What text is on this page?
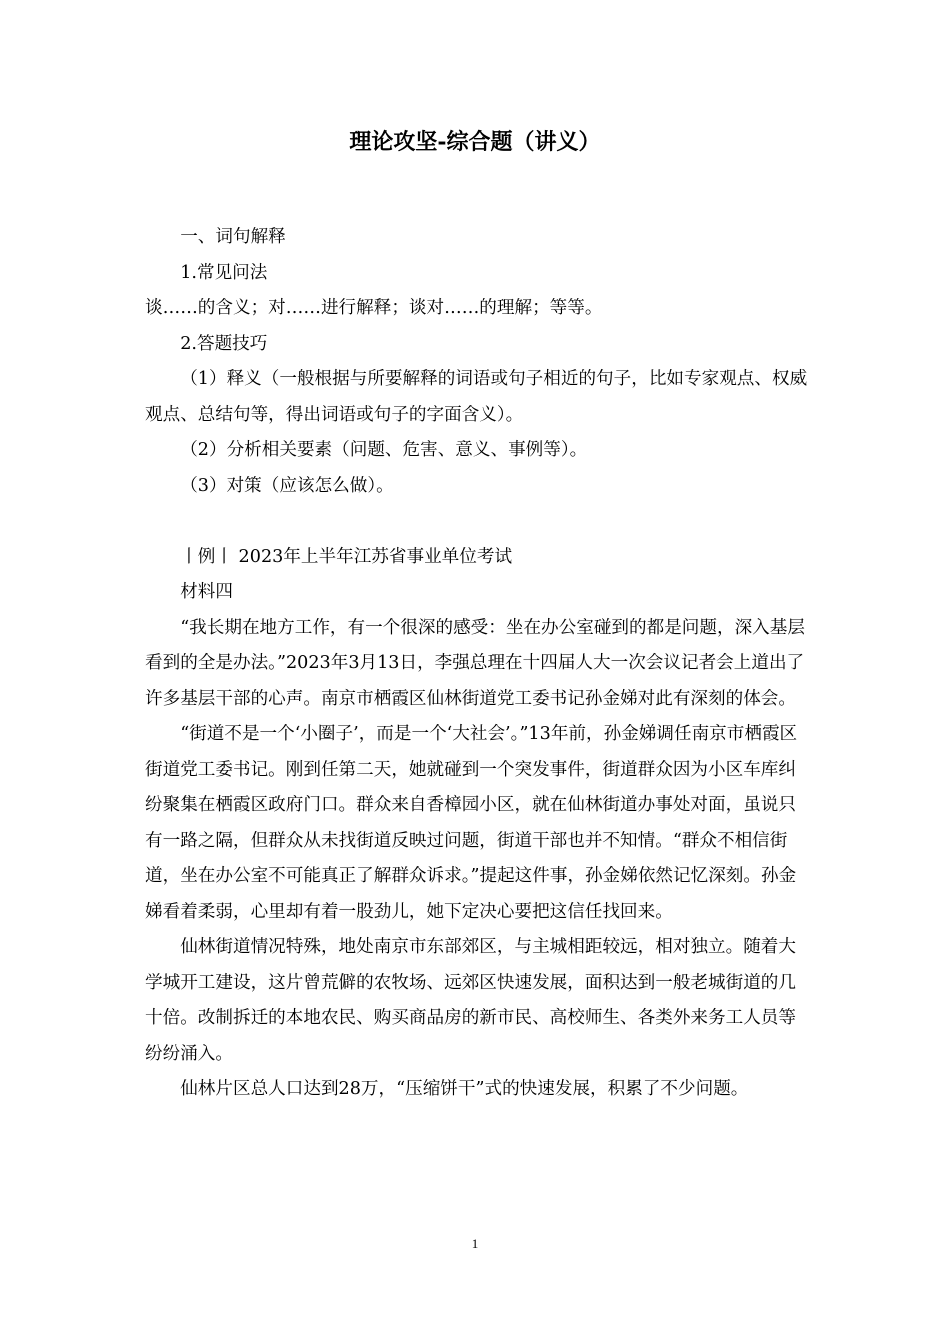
理论攻坚-综合题（讲义）

一、词句解释

1.常见问法

谈……的含义；对……进行解释；谈对……的理解；等等。

2.答题技巧

（1）释义（一般根据与所要解释的词语或句子相近的句子，比如专家观点、权威观点、总结句等，得出词语或句子的字面含义）。

（2）分析相关要素（问题、危害、意义、事例等）。

（3）对策（应该怎么做）。

丨例丨 2023年上半年江苏省事业单位考试

材料四

“我长期在地方工作，有一个很深的感受：坐在办公室碰到的都是问题，深入基层看到的全是办法。”2023年3月13日，李强总理在十四届人大一次会议记者会上道出了许多基层干部的心声。南京市栖霞区仙林街道党工委书记孙金娣对此有深刻的体会。

“街道不是一个‘小圈子’，而是一个‘大社会’。”13年前，孙金娣调任南京市栖霞区街道党工委书记。刚到任第二天，她就碰到一个突发事件，街道群众因为小区车库纠纷聚集在栖霞区政府门口。群众来自香樟园小区，就在仙林街道办事处对面，虽说只有一路之隔，但群众从未找街道反映过问题，街道干部也并不知情。“群众不相信街道，坐在办公室不可能真正了解群众诉求。”提起这件事，孙金娣依然记忆深刻。孙金娣看着柔弱，心里却有着一股劲儿，她下定决心要把这信任找回来。

仙林街道情况特殊，地处南京市东部郊区，与主城相距较远，相对独立。随着大学城开工建设，这片曾荒僻的农牧场、远郊区快速发展，面积达到一般老城街道的几十倍。改制拆迁的本地农民、购买商品房的新市民、高校师生、各类外来务工人员等纷纷涌入。

仙林片区总人口达到28万，“压缩饼干”式的快速发展，积累了不少问题。

1
